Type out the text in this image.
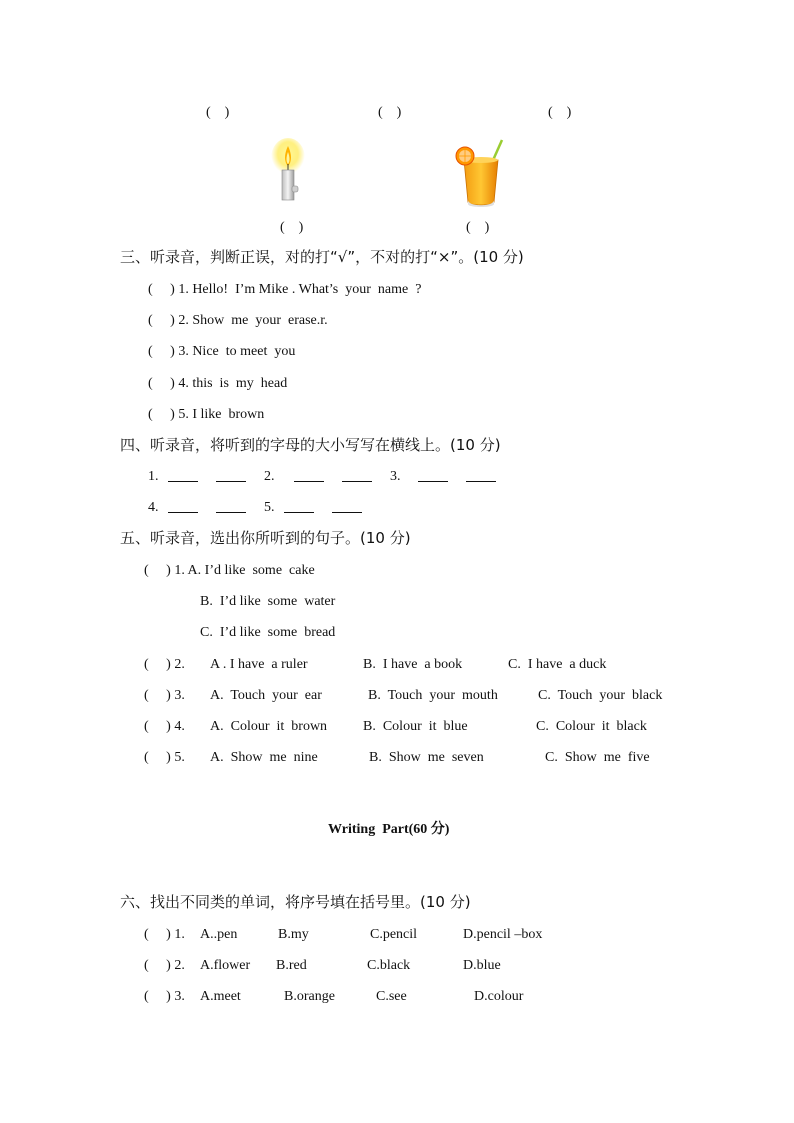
(    )	(    )	(    )
(    )	(    )
三、听录音，判断正误，对的打“√”，不对的打“×”。(10 分)
(     ) 1. Hello!  I’m Mike . What’s  your  name  ?
(     ) 2. Show  me  your  erase.r.
(     ) 3. Nice  to meet  you
(     ) 4. this  is  my  head
(     ) 5. I like  brown
四、听录音，将听到的字母的大小写写在横线上。(10 分)
1.	2.	3.
4.	5.
五、听录音，选出你所听到的句子。(10 分)
(     ) 1. A. I’d like  some  cake
B.  I’d like  some  water
C.  I’d like  some  bread
(     ) 2. A . I have  a ruler	B.  I have  a book	C.  I have  a duck
(     ) 3. A.  Touch  your  ear	B.  Touch  your  mouth	C.  Touch  your  black
(     ) 4. A.  Colour  it  brown	B.  Colour  it  blue	C.  Colour  it  black
(     ) 5. A.  Show  me  nine	B.  Show  me  seven	C.  Show  me  five
Writing  Part(60 分)
六、找出不同类的单词，将序号填在括号里。(10 分)
(     ) 1. A..pen	B.my	C.pencil	D.pencil –box
(     ) 2. A.flower B.red	C.black	D.blue
(     ) 3. A.meet	B.orange	C.see	D.colour
